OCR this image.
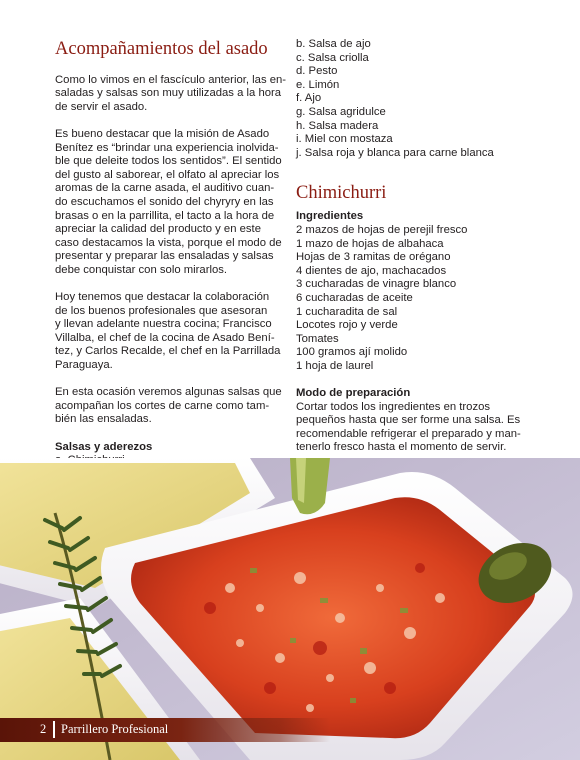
Acompañamientos del asado

Como lo vimos en el fascículo anterior, las en-
saladas y salsas son muy utilizadas a la hora
de servir el asado.

Es bueno destacar que la misión de Asado
Benítez es “brindar una experiencia inolvida-
ble que deleite todos los sentidos”. El sentido
del gusto al saborear, el olfato al apreciar los
aromas de la carne asada, el auditivo cuan-
do escuchamos el sonido del chyryry en las
brasas o en la parrillita, el tacto a la hora de
apreciar la calidad del producto y en este
caso destacamos la vista, porque el modo de
presentar y preparar las ensaladas y salsas
debe conquistar con solo mirarlos.

Hoy tenemos que destacar la colaboración
de los buenos profesionales que asesoran
y llevan adelante nuestra cocina; Francisco
Villalba, el chef de la cocina de Asado Bení-
tez, y Carlos Recalde, el chef en la Parrillada
Paraguaya.

En esta ocasión veremos algunas salsas que
acompañan los cortes de carne como tam-
bién las ensaladas.

Salsas y aderezos
b. Salsa de ajo
c. Salsa criolla
d. Pesto
e. Limón
f. Ajo
g. Salsa agridulce
h. Salsa madera
i. Miel con mostaza
j. Salsa roja y blanca para carne blanca
Chimichurri
Ingredientes
2 mazos de hojas de perejil fresco
1 mazo de hojas de albahaca
Hojas de 3 ramitas de orégano
4 dientes de ajo, machacados
3 cucharadas de vinagre blanco
6 cucharadas de aceite
1 cucharadita de sal
Locotes rojo y verde
Tomates
100 gramos ají molido
1 hoja de laurel
Modo de preparación
Cortar todos los ingredientes en trozos
pequeños hasta que ser forme una salsa. Es
recomendable refrigerar el preparado y man-
tenerlo fresco hasta el momento de servir.
2 Parrillero Profesional
